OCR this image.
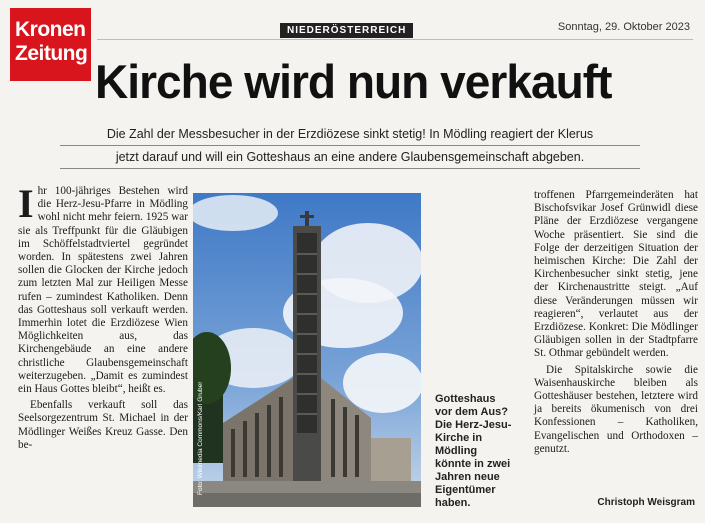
Kronen
Zeitung
NIEDERÖSTERREICH	Sonntag, 29. Oktober 2023
Kirche wird nun verkauft
Die Zahl der Messbesucher in der Erzdiözese sinkt stetig! In Mödling reagiert der Klerus
jetzt darauf und will ein Gotteshaus an eine andere Glaubensgemeinschaft abgeben.

Ihr 100-jähriges Bestehen wird die Herz-Jesu-Pfarre in Mödling wohl nicht mehr feiern. 1925 war sie als Treffpunkt für die Gläubigen im Schöffelstadtviertel gegründet worden. In spätestens zwei Jahren sollen die Glocken der Kirche jedoch zum letzten Mal zur Heiligen Messe rufen – zumindest Katholiken. Denn das Gotteshaus soll verkauft werden. Immerhin lotet die Erzdiözese Wien Möglichkeiten aus, das Kirchengebäude an eine andere christliche Glaubensgemeinschaft weiterzugeben. „Damit es zumindest ein Haus Gottes bleibt“, heißt es.

Ebenfalls verkauft soll das Seelsorgezentrum St. Michael in der Mödlinger Weißes Kreuz Gasse. Den be-	Foto: Wikimedia Commons/Karl Gruber	Gotteshaus
vor dem Aus?
Die Herz-Jesu-
Kirche in
Mödling
könnte in zwei
Jahren neue
Eigentümer
haben.

troffenen Pfarrgemeinderäten hat Bischofsvikar Josef Grünwidl diese Pläne der Erzdiözese vergangene Woche präsentiert. Sie sind die Folge der derzeitigen Situation der heimischen Kirche: Die Zahl der Kirchenbesucher sinkt stetig, jene der Kirchenaustritte steigt. „Auf diese Veränderungen müssen wir reagieren“, verlautet aus der Erzdiözese. Konkret: Die Mödlinger Gläubigen sollen in der Stadtpfarre St. Othmar gebündelt werden.

Die Spitalskirche sowie die Waisenhauskirche bleiben als Gotteshäuser bestehen, letztere wird ja bereits ökumenisch von drei Konfessionen – Katholiken, Evangelischen und Orthodoxen – genutzt.

Christoph Weisgram
